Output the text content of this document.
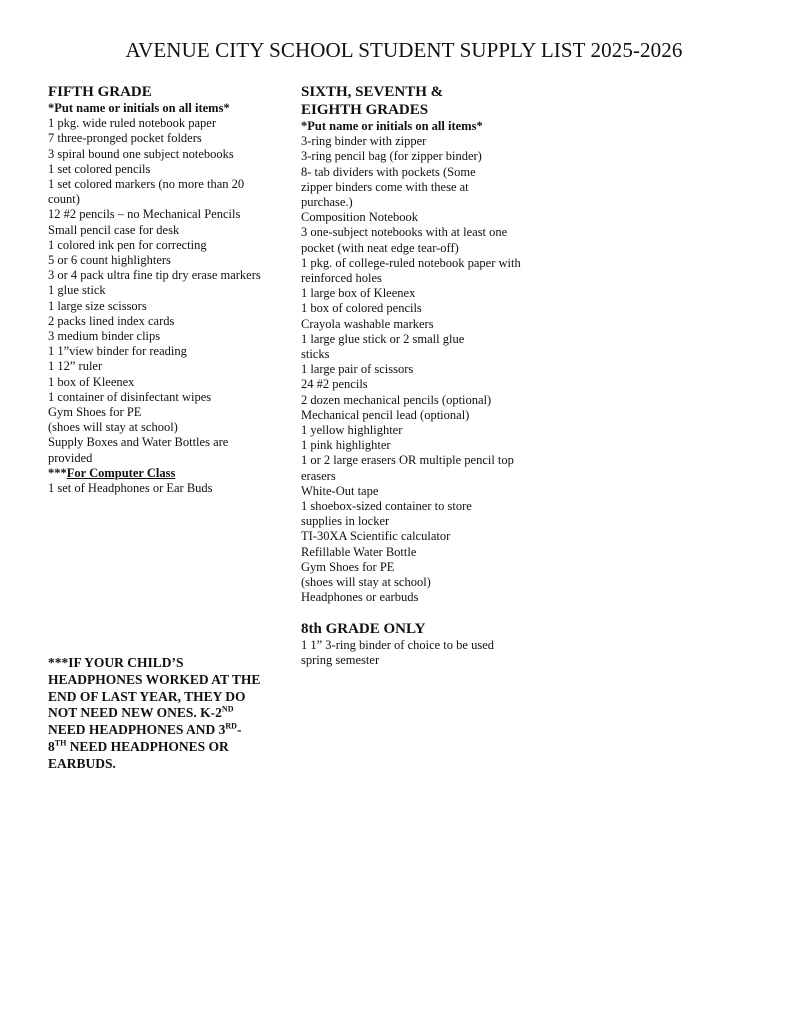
AVENUE CITY SCHOOL STUDENT SUPPLY LIST 2025-2026
FIFTH GRADE
*Put name or initials on all items*
1 pkg. wide ruled notebook paper
7 three-pronged pocket folders
3 spiral bound one subject notebooks
1 set colored pencils
1 set colored markers (no more than 20 count)
12 #2 pencils – no Mechanical Pencils
Small pencil case for desk
1 colored ink pen for correcting
5 or 6 count highlighters
3 or 4 pack ultra fine tip dry erase markers
1 glue stick
1 large size scissors
2 packs lined index cards
3 medium binder clips
1 1”view binder for reading
1 12” ruler
1 box of Kleenex
1 container of disinfectant wipes
Gym Shoes for PE
(shoes will stay at school)
Supply Boxes and Water Bottles are provided
***For Computer Class
1 set of Headphones or Ear Buds
SIXTH, SEVENTH &
EIGHTH GRADES
*Put name or initials on all items*
3-ring binder with zipper
3-ring pencil bag (for zipper binder)
8- tab dividers with pockets (Some zipper binders come with these at purchase.)
Composition Notebook
3 one-subject notebooks with at least one pocket (with neat edge tear-off)
1 pkg. of college-ruled notebook paper with reinforced holes
1 large box of Kleenex
1 box of colored pencils
Crayola washable markers
1 large glue stick or 2 small glue sticks
1 large pair of scissors
24 #2 pencils
2 dozen mechanical pencils (optional)
Mechanical pencil lead (optional)
1 yellow highlighter
1 pink highlighter
1 or 2 large erasers OR multiple pencil top erasers
White-Out tape
1 shoebox-sized container to store supplies in locker
TI-30XA Scientific calculator
Refillable Water Bottle
Gym Shoes for PE
(shoes will stay at school)
Headphones or earbuds
8th GRADE ONLY
1 1” 3-ring binder of choice to be used spring semester
***IF YOUR CHILD’S HEADPHONES WORKED AT THE END OF LAST YEAR, THEY DO NOT NEED NEW ONES. K-2ND NEED HEADPHONES AND 3RD- 8TH NEED HEADPHONES OR EARBUDS.
